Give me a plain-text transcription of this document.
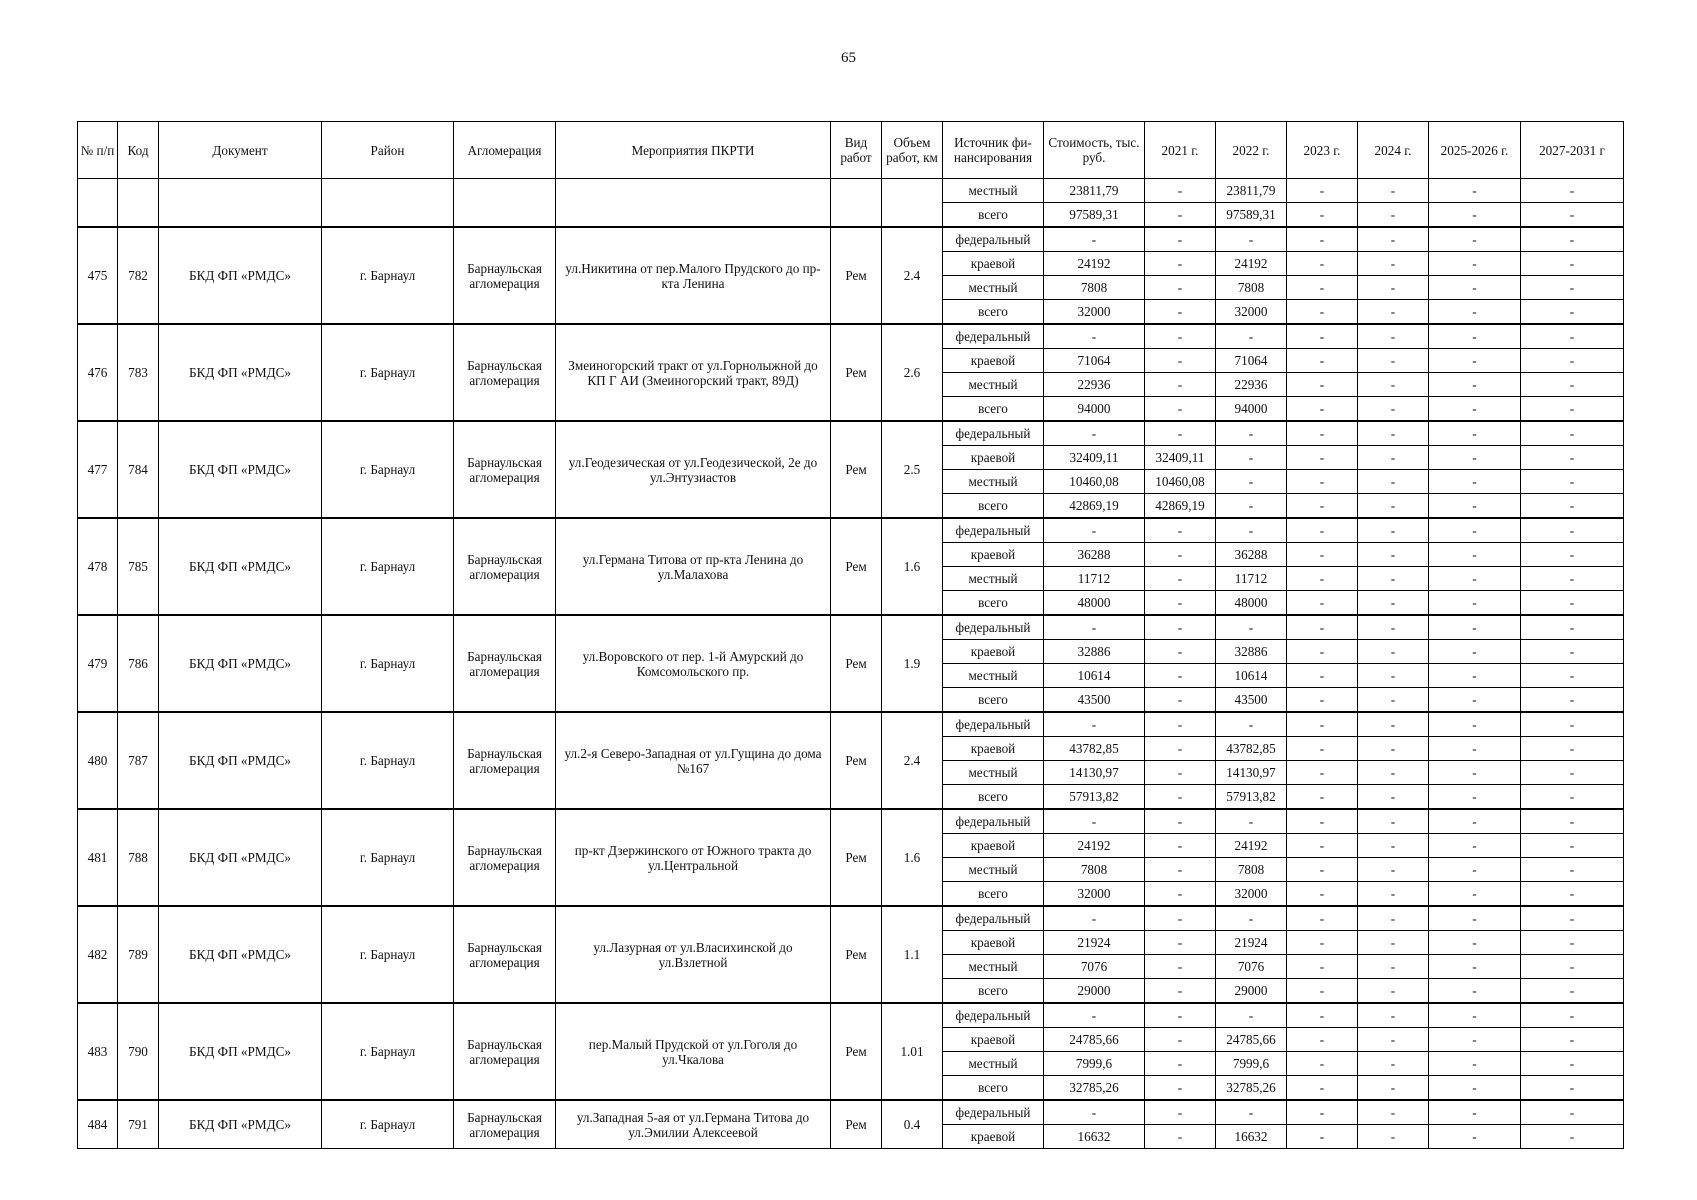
65
№ п/п	Код	Документ	Район	Агломерация	Мероприятия ПКРТИ	Вид работ	Объем работ, км	Источник фи-нансирования	Стоимость, тыс. руб.	2021 г.	2022 г.	2023 г.	2024 г.	2025-2026 г.	2027-2031 г
								местный	23811,79	-	23811,79	-	-	-	-
								всего	97589,31	-	97589,31	-	-	-	-
475	782	БКД ФП «РМДС»	г. Барнаул	Барнаульская агломерация	ул.Никитина от пер.Малого Прудского до пр-кта Ленина	Рем	2.4	федеральный	-	-	-	-	-	-	-
								краевой	24192	-	24192	-	-	-	-
								местный	7808	-	7808	-	-	-	-
								всего	32000	-	32000	-	-	-	-
476	783	БКД ФП «РМДС»	г. Барнаул	Барнаульская агломерация	Змеиногорский тракт от ул.Горнолыжной до КП Г АИ (Змеиногорский тракт, 89Д)	Рем	2.6	федеральный	-	-	-	-	-	-	-
								краевой	71064	-	71064	-	-	-	-
								местный	22936	-	22936	-	-	-	-
								всего	94000	-	94000	-	-	-	-
477	784	БКД ФП «РМДС»	г. Барнаул	Барнаульская агломерация	ул.Геодезическая от ул.Геодезической, 2е до ул.Энтузиастов	Рем	2.5	федеральный	-	-	-	-	-	-	-
								краевой	32409,11	32409,11	-	-	-	-	-
								местный	10460,08	10460,08	-	-	-	-	-
								всего	42869,19	42869,19	-	-	-	-	-
478	785	БКД ФП «РМДС»	г. Барнаул	Барнаульская агломерация	ул.Германа Титова от пр-кта Ленина до ул.Малахова	Рем	1.6	федеральный	-	-	-	-	-	-	-
								краевой	36288	-	36288	-	-	-	-
								местный	11712	-	11712	-	-	-	-
								всего	48000	-	48000	-	-	-	-
479	786	БКД ФП «РМДС»	г. Барнаул	Барнаульская агломерация	ул.Воровского от пер. 1-й Амурский до Комсомольского пр.	Рем	1.9	федеральный	-	-	-	-	-	-	-
								краевой	32886	-	32886	-	-	-	-
								местный	10614	-	10614	-	-	-	-
								всего	43500	-	43500	-	-	-	-
480	787	БКД ФП «РМДС»	г. Барнаул	Барнаульская агломерация	ул.2-я Северо-Западная от ул.Гущина до дома №167	Рем	2.4	федеральный	-	-	-	-	-	-	-
								краевой	43782,85	-	43782,85	-	-	-	-
								местный	14130,97	-	14130,97	-	-	-	-
								всего	57913,82	-	57913,82	-	-	-	-
481	788	БКД ФП «РМДС»	г. Барнаул	Барнаульская агломерация	пр-кт Дзержинского от Южного тракта до ул.Центральной	Рем	1.6	федеральный	-	-	-	-	-	-	-
								краевой	24192	-	24192	-	-	-	-
								местный	7808	-	7808	-	-	-	-
								всего	32000	-	32000	-	-	-	-
482	789	БКД ФП «РМДС»	г. Барнаул	Барнаульская агломерация	ул.Лазурная от ул.Власихинской до ул.Взлетной	Рем	1.1	федеральный	-	-	-	-	-	-	-
								краевой	21924	-	21924	-	-	-	-
								местный	7076	-	7076	-	-	-	-
								всего	29000	-	29000	-	-	-	-
483	790	БКД ФП «РМДС»	г. Барнаул	Барнаульская агломерация	пер.Малый Прудской от ул.Гоголя до ул.Чкалова	Рем	1.01	федеральный	-	-	-	-	-	-	-
								краевой	24785,66	-	24785,66	-	-	-	-
								местный	7999,6	-	7999,6	-	-	-	-
								всего	32785,26	-	32785,26	-	-	-	-
484	791	БКД ФП «РМДС»	г. Барнаул	Барнаульская агломерация	ул.Западная 5-ая от ул.Германа Титова до ул.Эмилии Алексеевой	Рем	0.4	федеральный	-	-	-	-	-	-	-
								краевой	16632	-	16632	-	-	-	-
